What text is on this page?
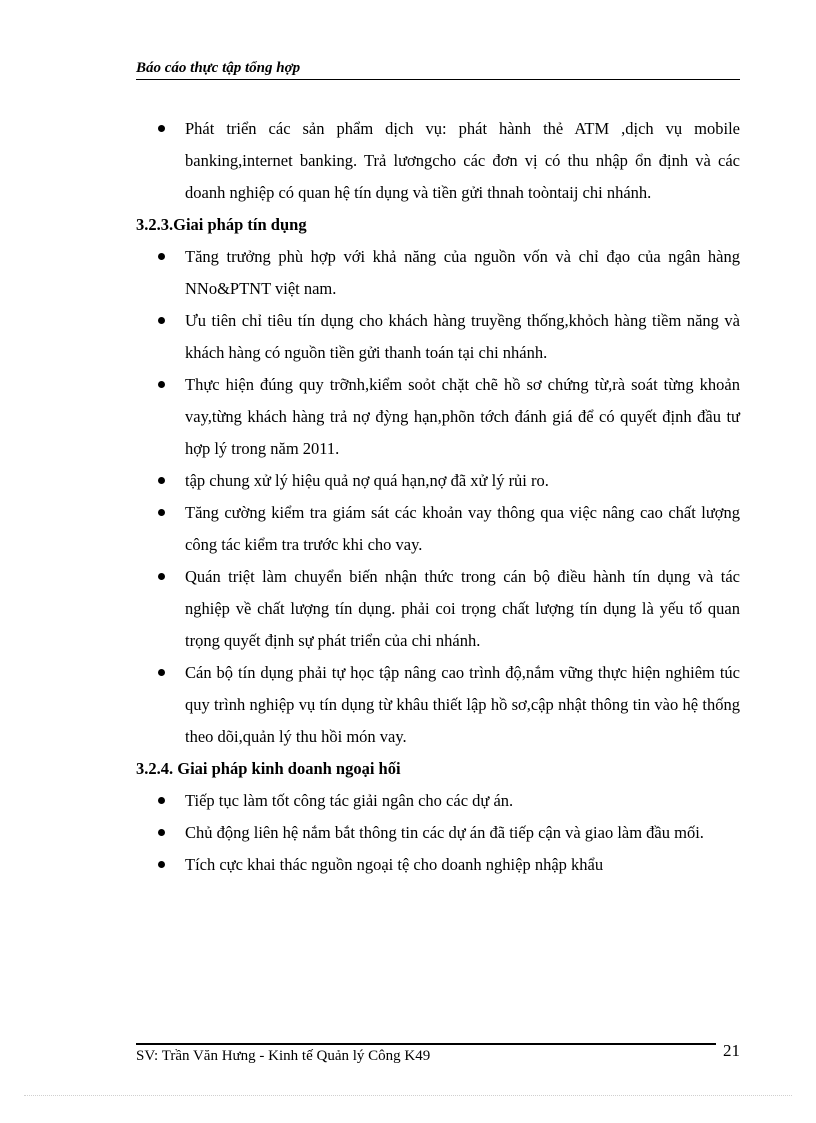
Báo cáo thực tập tổng hợp

Phát triển các sản phẩm dịch vụ: phát hành thẻ ATM ,dịch vụ mobile banking,internet banking. Trả lươngcho các đơn vị có thu nhập ổn định và các doanh nghiệp có quan hệ tín dụng và tiền gửi thnah toòntaij chi nhánh.

3.2.3.Giai pháp tín dụng

Tăng trưởng phù hợp với khả năng của nguồn vốn và chỉ đạo của ngân hàng NNo&PTNT việt nam.

Ưu tiên chỉ tiêu tín dụng cho khách hàng truyềng thống,khỏch hàng tiềm năng và khách hàng có nguồn tiền gửi thanh toán tại chi nhánh.

Thực hiện đúng quy trỡnh,kiểm soỏt chặt chẽ hồ sơ chứng từ,rà soát từng khoản vay,từng khách hàng trả nợ đỳng hạn,phõn tớch đánh giá để có quyết định đầu tư hợp lý trong năm 2011.

tập chung xử lý hiệu quả nợ quá hạn,nợ đã xử lý rủi ro.

Tăng cường kiểm tra giám sát các khoản vay thông qua việc nâng cao chất lượng công tác kiểm tra trước khi cho vay.

Quán triệt làm chuyển biến nhận thức trong cán bộ điều hành tín dụng và tác nghiệp về chất lượng tín dụng. phải coi trọng chất lượng tín dụng là yếu tố quan trọng quyết định sự phát triển của chi nhánh.

Cán bộ tín dụng phải tự học tập nâng cao trình độ,nắm vững thực hiện nghiêm túc quy trình nghiệp vụ tín dụng từ khâu thiết lập hồ sơ,cập nhật thông tin vào hệ thống theo dõi,quản lý thu hồi món vay.

3.2.4. Giai pháp kinh doanh ngoại hối

Tiếp tục làm tốt công tác giải ngân cho các dự án.

Chủ động liên hệ nắm bắt thông tin các dự án đã tiếp cận và giao làm đầu mối.

Tích cực khai thác nguồn ngoại tệ cho doanh nghiệp nhập khẩu

SV: Trần Văn Hưng - Kinh tế Quản lý Công K49	21
